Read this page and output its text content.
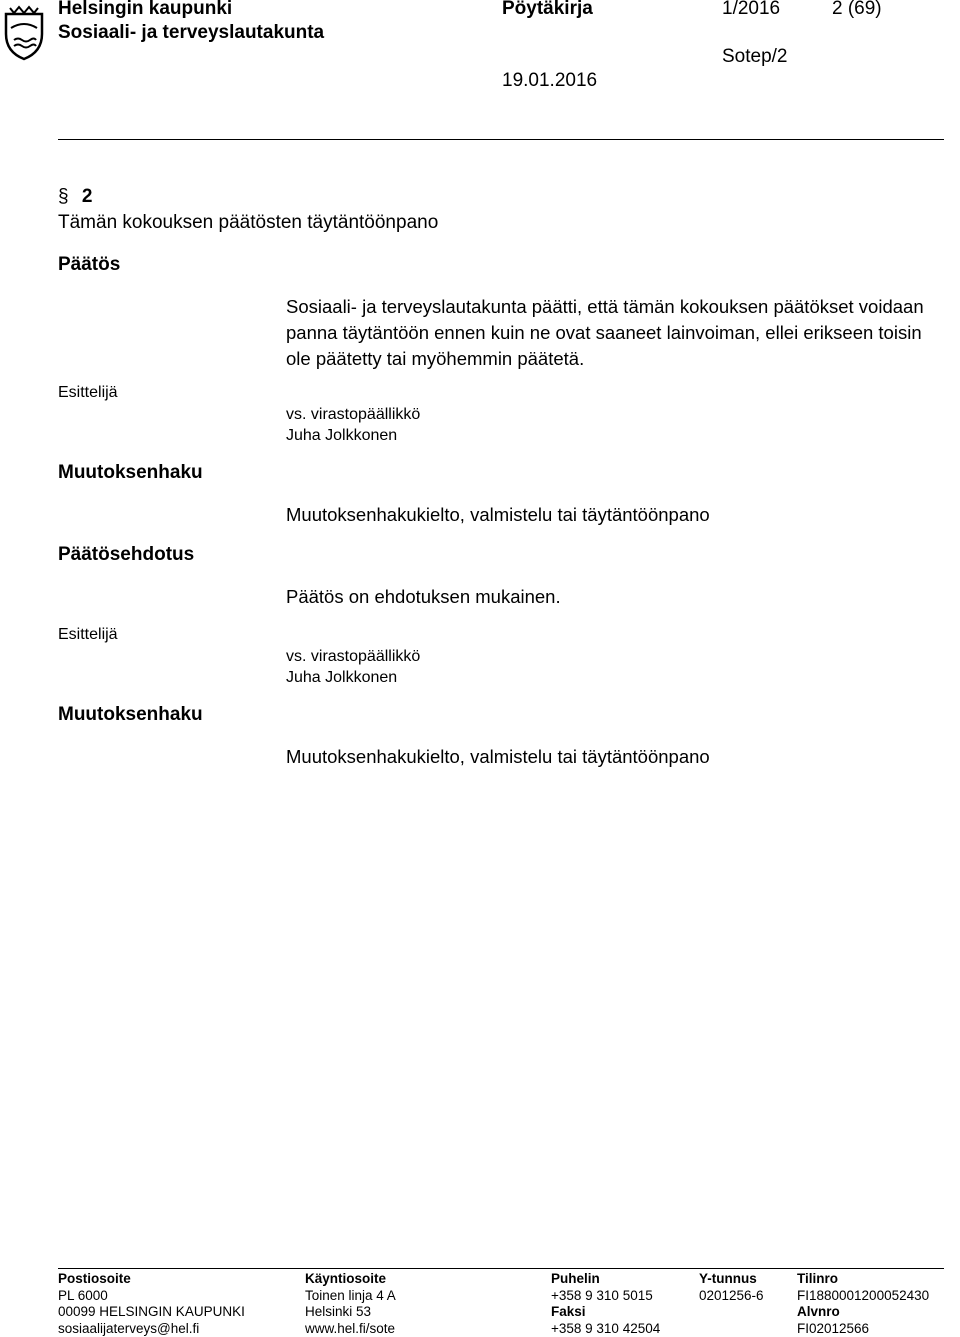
Helsingin kaupunki
Sosiaali- ja terveyslautakunta
Pöytäkirja	1/2016	2 (69)
Sotep/2
19.01.2016
§ 2
Tämän kokouksen päätösten täytäntöönpano
Päätös
Sosiaali- ja terveyslautakunta päätti, että tämän kokouksen päätökset voidaan panna täytäntöön ennen kuin ne ovat saaneet lainvoiman, ellei erikseen toisin ole päätetty tai myöhemmin päätetä.
Esittelijä
vs. virastopäällikkö
Juha Jolkkonen
Muutoksenhaku
Muutoksenhakukielto, valmistelu tai täytäntöönpano
Päätösehdotus
Päätös on ehdotuksen mukainen.
Esittelijä
vs. virastopäällikkö
Juha Jolkkonen
Muutoksenhaku
Muutoksenhakukielto, valmistelu tai täytäntöönpano
Postiosoite
PL 6000
00099 HELSINGIN KAUPUNKI
sosiaalijaterveys@hel.fi
Käyntiosoite
Toinen linja 4 A
Helsinki 53
www.hel.fi/sote
Puhelin
+358 9 310 5015
Faksi
+358 9 310 42504
Y-tunnus
0201256-6
Tilinro
FI1880001200052430
Alvnro
FI02012566
